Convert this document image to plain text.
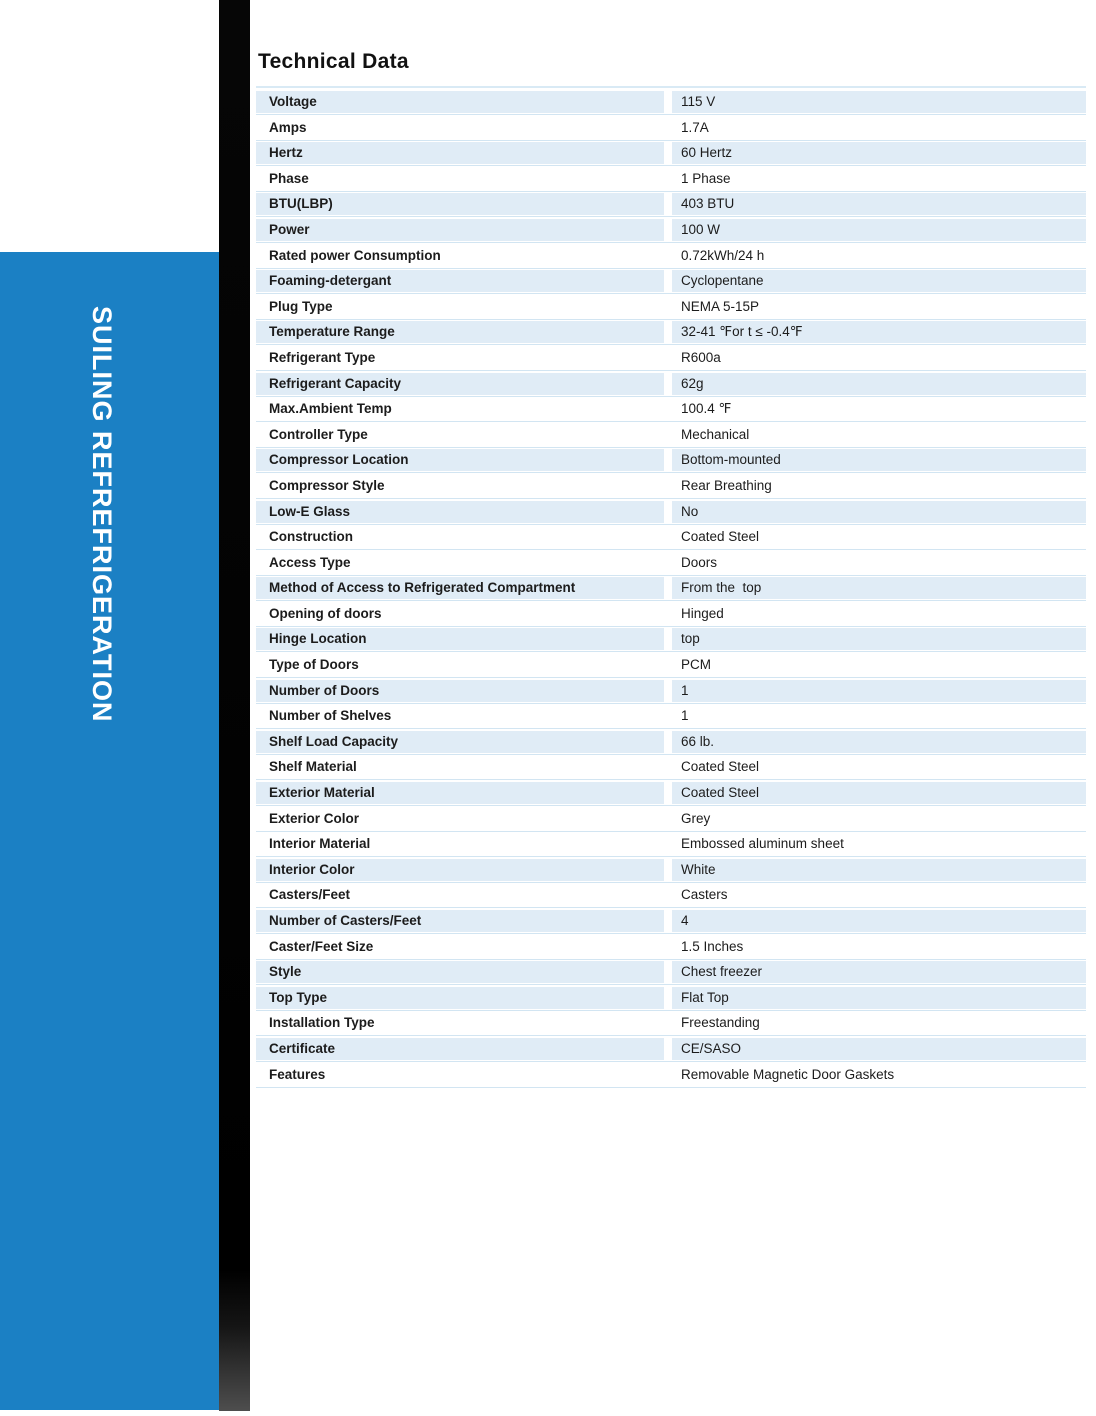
SUILING REFREFRIGERATION
Technical Data
Voltage	115 V
Amps	1.7A
Hertz	60 Hertz
Phase	1 Phase
BTU(LBP)	403 BTU
Power	100 W
Rated power Consumption	0.72kWh/24 h
Foaming-detergant	Cyclopentane
Plug Type	NEMA 5-15P
Temperature Range	32-41 ℉or t ≤ -0.4℉
Refrigerant Type	R600a
Refrigerant Capacity	62g
Max.Ambient Temp	100.4 ℉
Controller Type	Mechanical
Compressor Location	Bottom-mounted
Compressor Style	Rear Breathing
Low-E Glass	No
Construction	Coated Steel
Access Type	Doors
Method of Access to Refrigerated Compartment	From the  top
Opening of doors	Hinged
Hinge Location	top
Type of Doors	PCM
Number of Doors	1
Number of Shelves	1
Shelf Load Capacity	66 lb.
Shelf Material	Coated Steel
Exterior Material	Coated Steel
Exterior Color	Grey
Interior Material	Embossed aluminum sheet
Interior Color	White
Casters/Feet	Casters
Number of Casters/Feet	4
Caster/Feet Size	1.5 Inches
Style	Chest freezer
Top Type	Flat Top
Installation Type	Freestanding
Certificate	CE/SASO
Features	Removable Magnetic Door Gaskets
